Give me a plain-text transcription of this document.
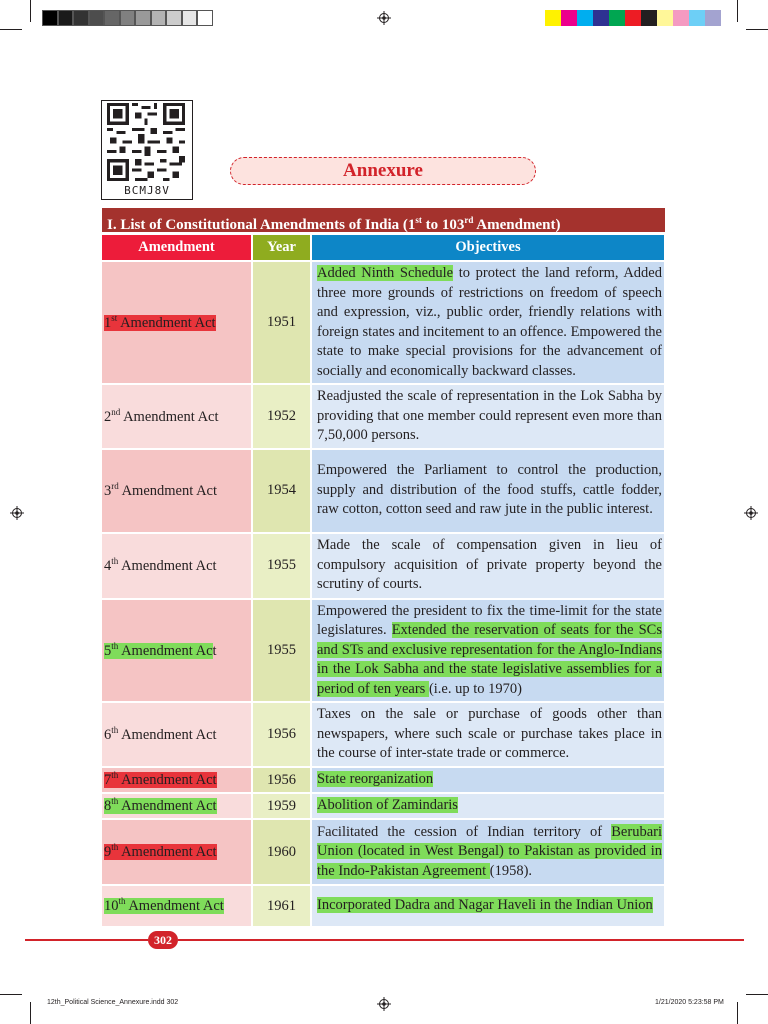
BCMJ8V
Annexure
I. List of Constitutional Amendments of India (1st to 103rd Amendment)
Amendment	Year	Objectives
1st Amendment Act	1951	Added Ninth Schedule to protect the land reform, Added three more grounds of restrictions on freedom of speech and expression, viz., public order, friendly relations with foreign states and incitement to an offence. Empowered the state to make special provisions for the advancement of socially and economically backward classes.
2nd Amendment Act	1952	Readjusted the scale of representation in the Lok Sabha by providing that one member could represent even more than 7,50,000 persons.
3rd Amendment Act	1954	Empowered the Parliament to control the production, supply and distribution of the food stuffs, cattle fodder, raw cotton, cotton seed and raw jute in the public interest.
4th Amendment Act	1955	Made the scale of compensation given in lieu of compulsory acquisition of private property beyond the scrutiny of courts.
5th Amendment Act	1955	Empowered the president to fix the time-limit for the state legislatures. Extended the reservation of seats for the SCs and STs and exclusive representation for the Anglo-Indians in the Lok Sabha and the state legislative assemblies for a period of ten years (i.e. up to 1970)
6th Amendment Act	1956	Taxes on the sale or purchase of goods other than newspapers, where such scale or purchase takes place in the course of inter-state trade or commerce.
7th Amendment Act	1956	State reorganization
8th Amendment Act	1959	Abolition of Zamindaris
9th Amendment Act	1960	Facilitated the cession of Indian territory of Berubari Union (located in West Bengal) to Pakistan as provided in the Indo-Pakistan Agreement (1958).
10th Amendment Act	1961	Incorporated Dadra and Nagar Haveli in the Indian Union
302
12th_Political Science_Annexure.indd 302	1/21/2020 5:23:58 PM
